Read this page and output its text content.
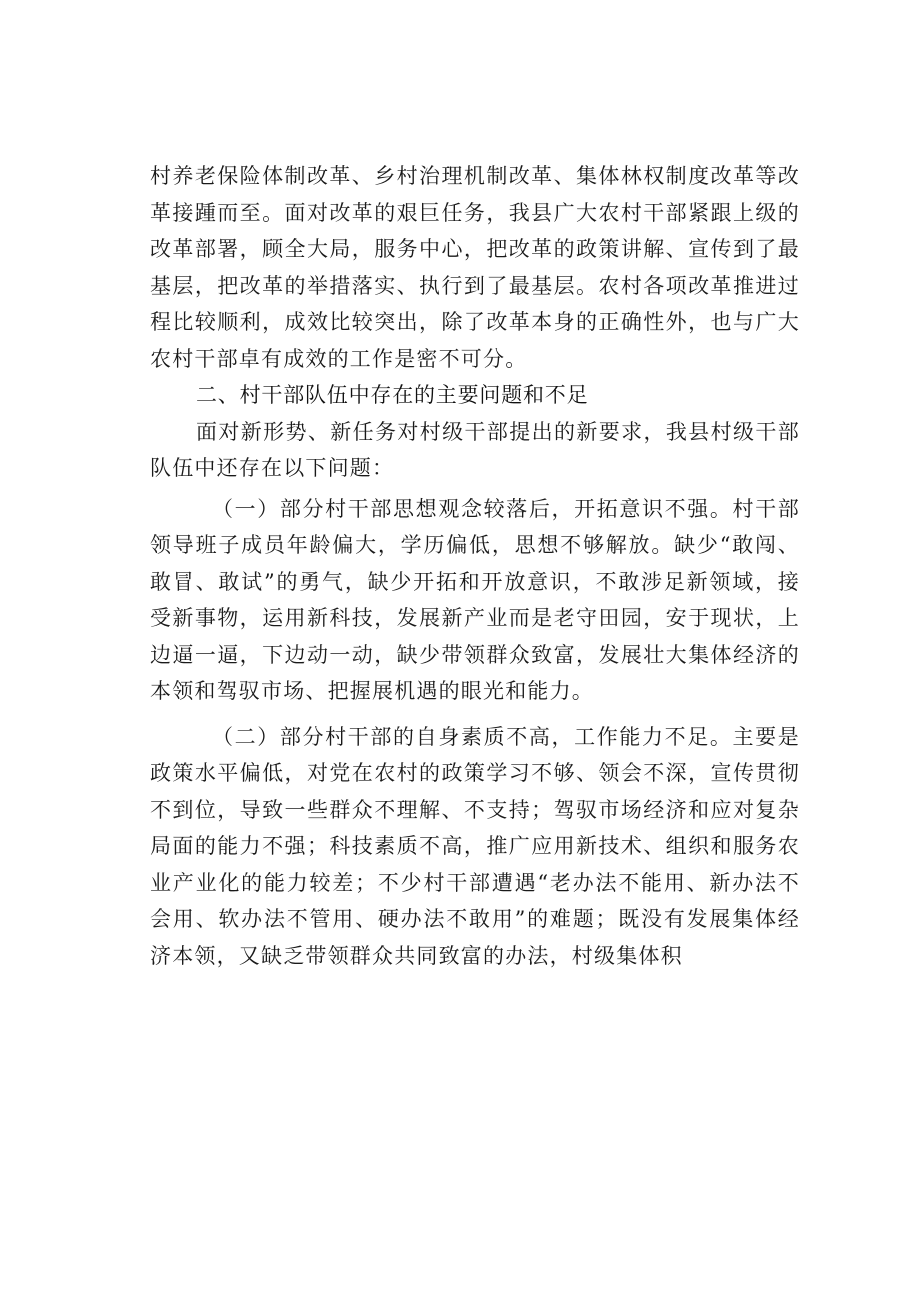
村养老保险体制改革、乡村治理机制改革、集体林权制度改革等改革接踵而至。面对改革的艰巨任务，我县广大农村干部紧跟上级的改革部署，顾全大局，服务中心，把改革的政策讲解、宣传到了最基层，把改革的举措落实、执行到了最基层。农村各项改革推进过程比较顺利，成效比较突出，除了改革本身的正确性外，也与广大农村干部卓有成效的工作是密不可分。

二、村干部队伍中存在的主要问题和不足

面对新形势、新任务对村级干部提出的新要求，我县村级干部队伍中还存在以下问题：

（一）部分村干部思想观念较落后，开拓意识不强。村干部领导班子成员年龄偏大，学历偏低，思想不够解放。缺少“敢闯、敢冒、敢试”的勇气，缺少开拓和开放意识，不敢涉足新领域，接受新事物，运用新科技，发展新产业而是老守田园，安于现状，上边逼一逼，下边动一动，缺少带领群众致富，发展壮大集体经济的本领和驾驭市场、把握展机遇的眼光和能力。

（二）部分村干部的自身素质不高，工作能力不足。主要是政策水平偏低，对党在农村的政策学习不够、领会不深，宣传贯彻不到位，导致一些群众不理解、不支持；驾驭市场经济和应对复杂局面的能力不强；科技素质不高，推广应用新技术、组织和服务农业产业化的能力较差；不少村干部遭遇“老办法不能用、新办法不会用、软办法不管用、硬办法不敢用”的难题；既没有发展集体经济本领，又缺乏带领群众共同致富的办法，村级集体积
